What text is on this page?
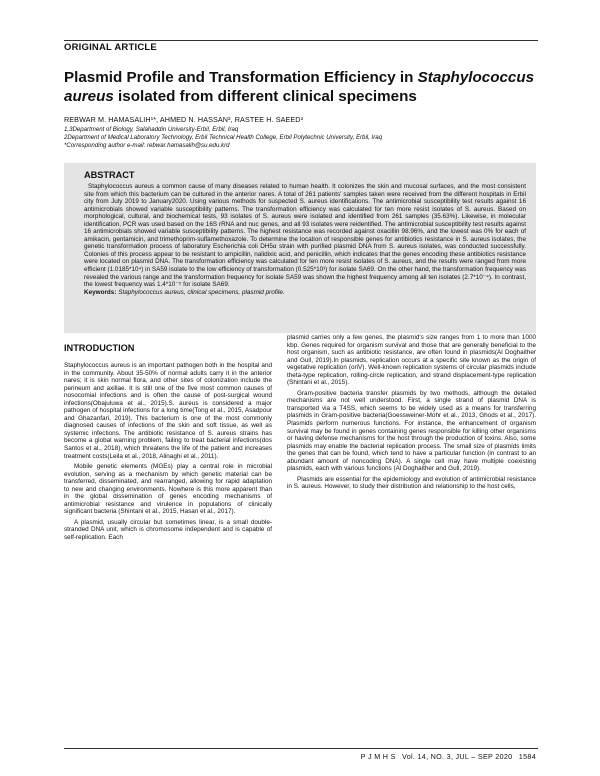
ORIGINAL ARTICLE
Plasmid Profile and Transformation Efficiency in Staphylococcus aureus isolated from different clinical specimens
REBWAR M. HAMASALIH¹*, AHMED N. HASSAN², RASTEE H. SAEED³
1,3Department of Biology, Salahaddin University-Erbil, Erbil, Iraq
2Department of Medical Laboratory Technology, Erbil Technical Health College, Erbil Polytechnic University, Erbil, Iraq
*Corresponding author e-mail: rebwar.hamasalih@su.edu.krd
ABSTRACT

Staphylococcus aureus a common cause of many diseases related to human health. It colonizes the skin and mucosal surfaces, and the most consistent site from which this bacterium can be cultured in the anterior nares. A total of 261 patients' samples taken were received from the different hospitals in Erbil city from July 2019 to January2020. Using various methods for suspected S. aureus identifications. The antimicrobial susceptibility test results against 16 antimicrobials showed variable susceptibility patterns. The transformation efficiency was calculated for ten more resist isolates of S. aureus. Based on morphological, cultural, and biochemical tests, 93 isolates of S. aureus were isolated and identified from 261 samples (35.63%). Likewise, in molecular identification, PCR was used based on the 16S rRNA and nuc genes, and all 93 isolates were reidentified. The antimicrobial susceptibility test results against 16 antimicrobials showed variable susceptibility patterns. The highest resistance was recorded against oxacillin 98.96%, and the lowest was 0% for each of amikacin, gentamicin, and trimethoprim-sulfamethoxazole. To determine the location of responsible genes for antibiotics resistance in S. aureus isolates, the genetic transformation process of laboratory Escherichia coli DH5α strain with purified plasmid DNA from S. aureus isolates, was conducted successfully. Colonies of this process appear to be resistant to ampicillin, nalidixic acid, and penicillin, which indicates that the genes encoding these antibiotics resistance were located on plasmid DNA. The transformation efficiency was calculated for ten more resist isolates of S. aureus, and the results were ranged from more efficient (1.0185*10⁴) in SA59 isolate to the low efficiency of transformation (0.525*10³) for isolate SA69. On the other hand, the transformation frequency was revealed the various range and the transformation frequency for isolate SA59 was shown the highest frequency among all ten isolates (2.7*10⁻⁴). In contrast, the lowest frequency was 1.4*10⁻⁵ for isolate SA69.

Keywords: Staphylococcus aureus, clinical specimens, plasmid profile.

INTRODUCTION

Staphylococcus aureus is an important pathogen both in the hospital and in the community. About 35-50% of normal adults carry it in the anterior nares; it is skin normal flora, and other sites of colonization include the perineum and axillae. It is still one of the five most common causes of nosocomial infections and is often the cause of post-surgical wound infections(Obajuluwa et al., 2015).S. aureus is considered a major pathogen of hospital infections for a long time(Tong et al., 2015, Asadpour and Ghazanfari, 2019). This bacterium is one of the most commonly diagnosed causes of infections of the skin and soft tissue, as well as systemic infections. The antibiotic resistance of S. aureus strains has become a global warning problem, failing to treat bacterial infections(dos Santos et al., 2018), which threatens the life of the patient and increases treatment costs(Leila et al., 2018, Alinaghi et al., 2011).

Mobile genetic elements (MGEs) play a central role in microbial evolution, serving as a mechanism by which genetic material can be transferred, disseminated, and rearranged, allowing for rapid adaptation to new and changing environments. Nowhere is this more apparent than in the global dissemination of genes encoding mechanisms of antimicrobial resistance and virulence in populations of clinically significant bacteria (Shintani et al., 2015, Hasan et al., 2017).

A plasmid, usually circular but sometimes linear, is a small double-stranded DNA unit, which is chromosome independent and is capable of self-replication. Each

plasmid carries only a few genes, the plasmid's size ranges from 1 to more than 1000 kbp. Genes required for organism survival and those that are generally beneficial to the host organism, such as antibiotic resistance, are often found in plasmids(Al Doghaither and Gull, 2019).In plasmids, replication occurs at a specific site known as the origin of vegetative replication (oriV). Well-known replication systems of circular plasmids include theta-type replication, rolling-circle replication, and strand displacement-type replication (Shintani et al., 2015).

Gram-positive bacteria transfer plasmids by two methods, although the detailed mechanisms are not well understood. First, a single strand of plasmid DNA is transported via a T4SS, which seems to be widely used as a means for transferring plasmids in Gram-positive bacteria(Goessweiner-Mohr et al., 2013, Ghods et al., 2017). Plasmids perform numerous functions. For instance, the enhancement of organism survival may be found in genes containing genes responsible for killing other organisms or having defense mechanisms for the host through the production of toxins. Also, some plasmids may enable the bacterial replication process. The small size of plasmids limits the genes that can be found, which tend to have a particular function (in contrast to an abundant amount of noncoding DNA). A single cell may have multiple coexisting plasmids, each with various functions (Al Doghaither and Gull, 2019).

Plasmids are essential for the epidemiology and evolution of antimicrobial resistance in S. aureus. However, to study their distribution and relationship to the host cells,

P J M H S Vol. 14, NO. 3, JUL – SEP 2020 1584
